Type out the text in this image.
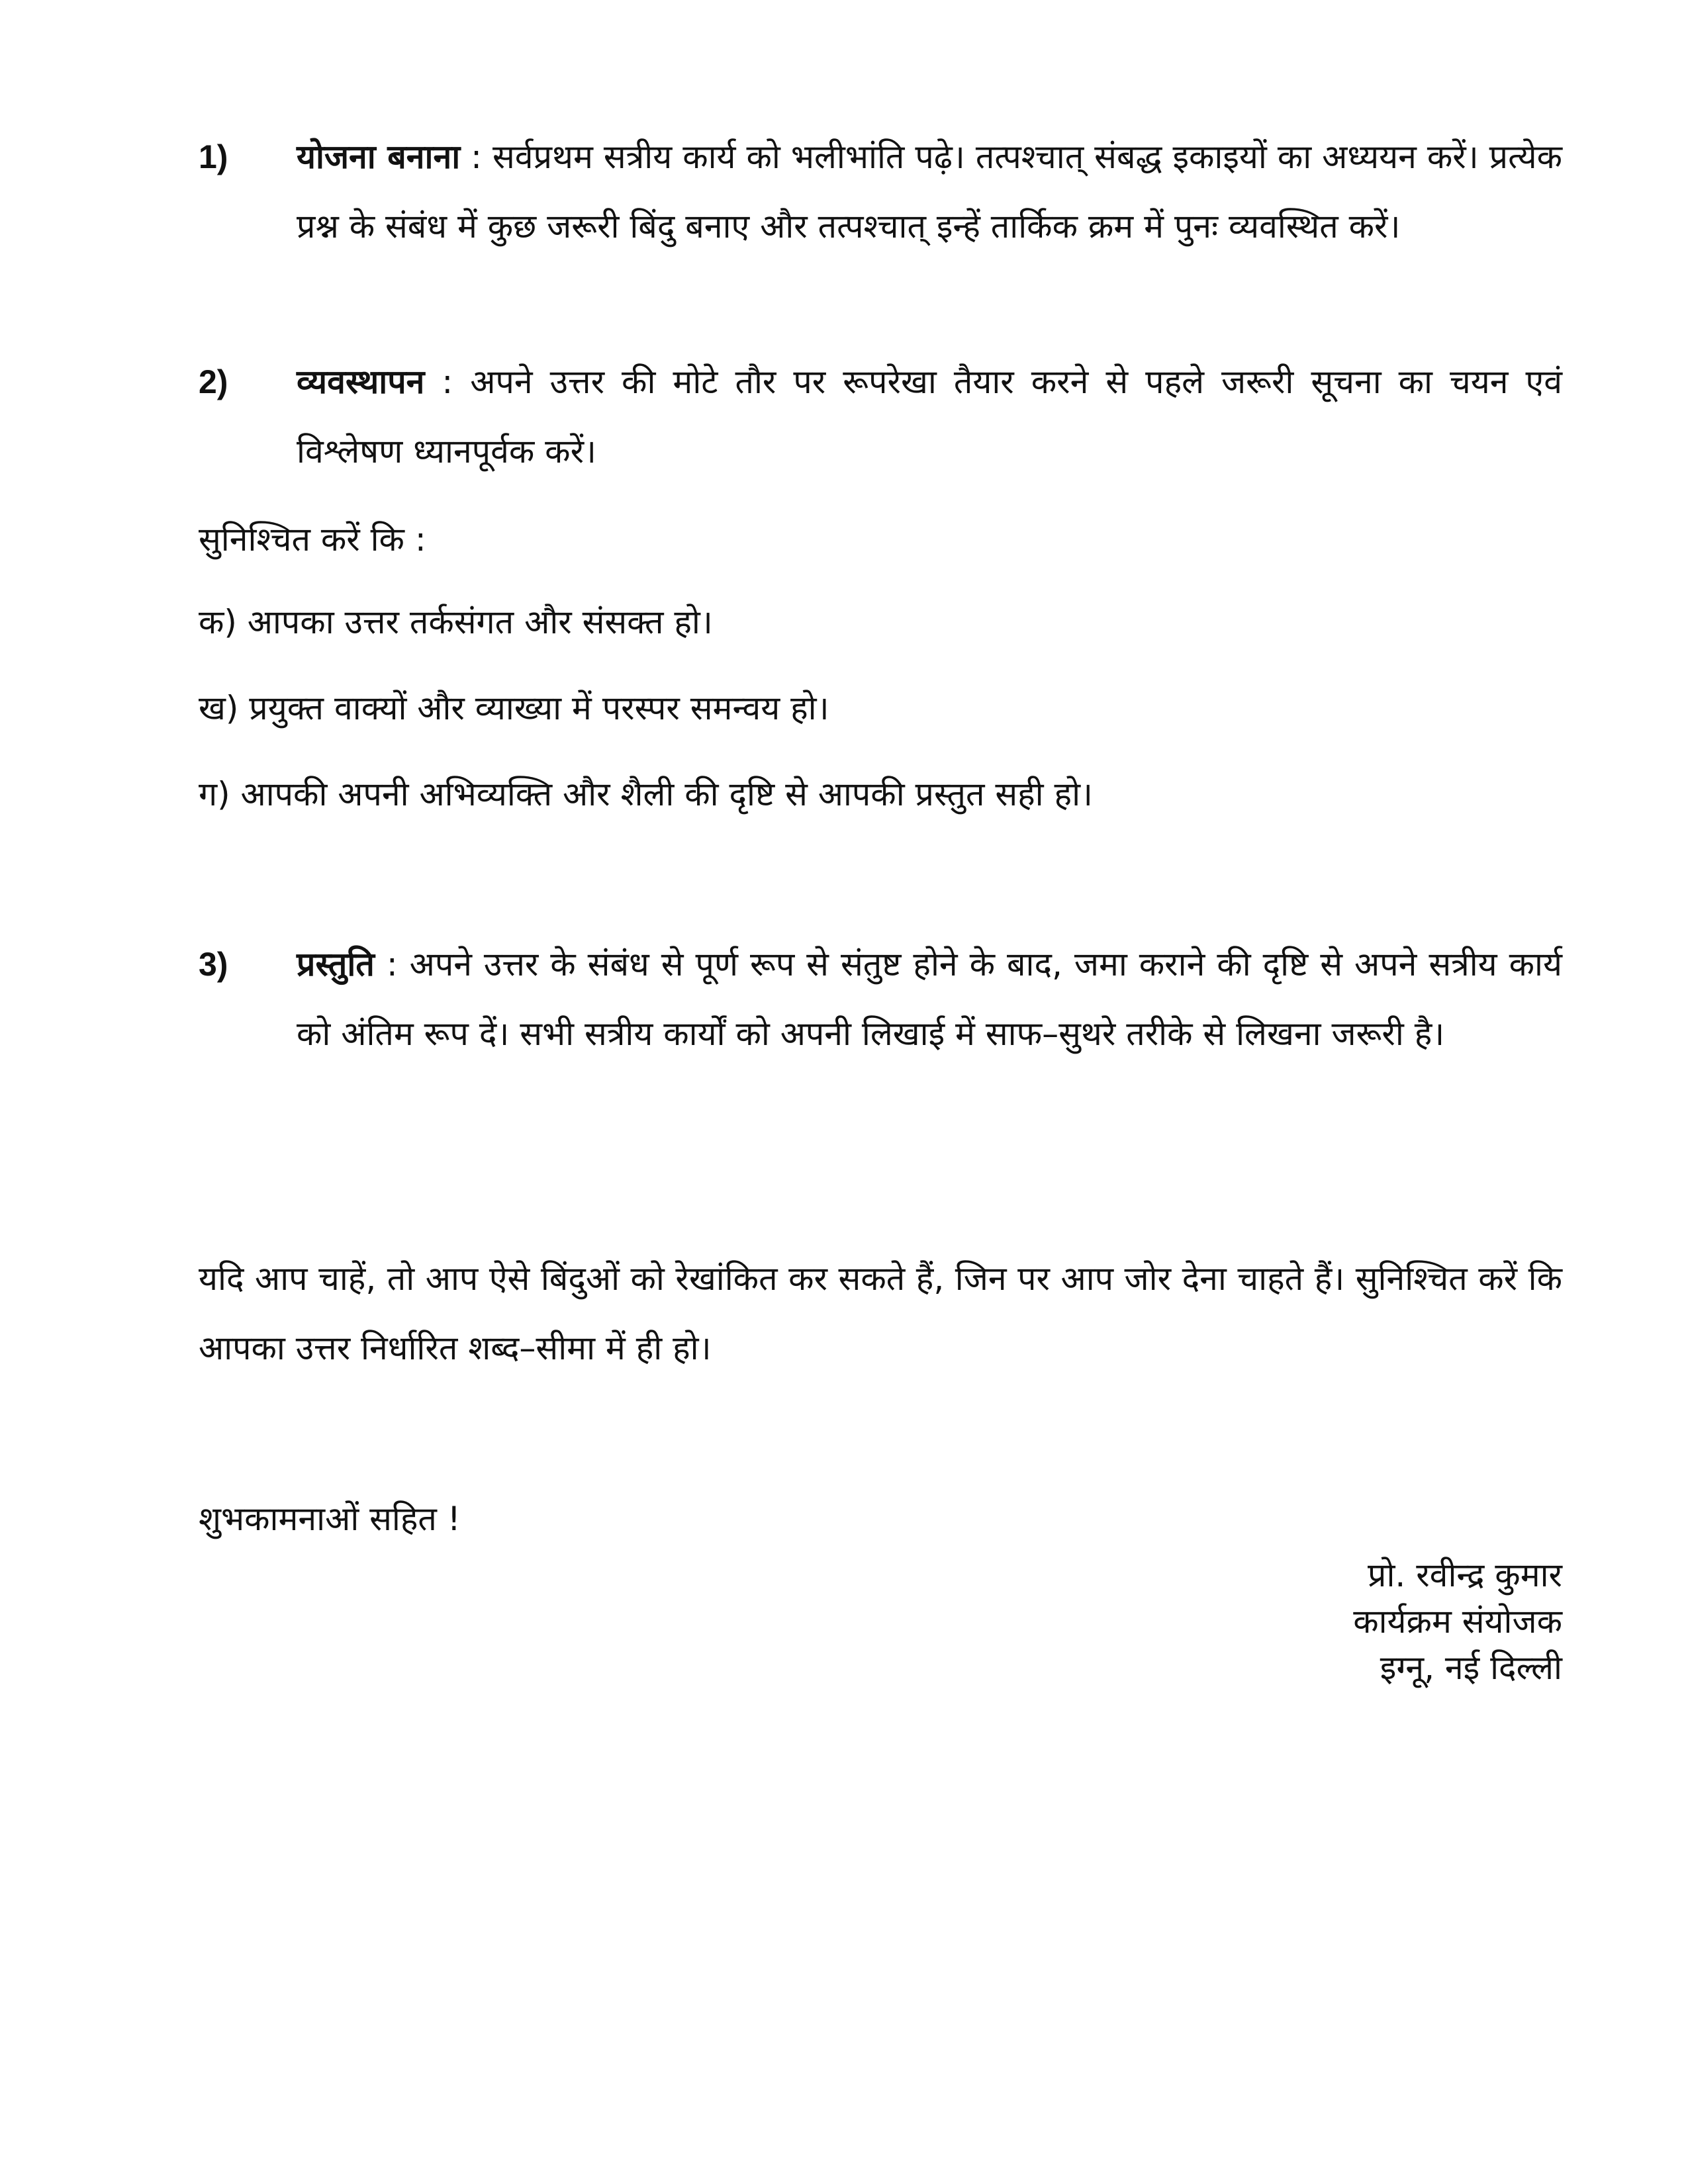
1) योजना बनाना : सर्वप्रथम सत्रीय कार्य को भलीभांति पढ़े। तत्पश्चात् संबद्ध इकाइयों का अध्ययन करें। प्रत्येक प्रश्न के संबंध में कुछ जरूरी बिंदु बनाए और तत्पश्चात् इन्हें तार्किक क्रम में पुनः व्यवस्थित करें।
2) व्यवस्थापन : अपने उत्तर की मोटे तौर पर रूपरेखा तैयार करने से पहले जरूरी सूचना का चयन एवं विश्लेषण ध्यानपूर्वक करें।
सुनिश्चित करें कि :
क) आपका उत्तर तर्कसंगत और संसक्त हो।
ख) प्रयुक्त वाक्यों और व्याख्या में परस्पर समन्वय हो।
ग) आपकी अपनी अभिव्यक्ति और शैली की दृष्टि से आपकी प्रस्तुत सही हो।
3) प्रस्तुति : अपने उत्तर के संबंध से पूर्ण रूप से संतुष्ट होने के बाद, जमा कराने की दृष्टि से अपने सत्रीय कार्य को अंतिम रूप दें। सभी सत्रीय कार्यों को अपनी लिखाई में साफ–सुथरे तरीके से लिखना जरूरी है।
यदि आप चाहें, तो आप ऐसे बिंदुओं को रेखांकित कर सकते हैं, जिन पर आप जोर देना चाहते हैं। सुनिश्चित करें कि आपका उत्तर निर्धारित शब्द–सीमा में ही हो।
शुभकामनाओं सहित !
प्रो. रवीन्द्र कुमार
कार्यक्रम संयोजक
इग्नू, नई दिल्ली
